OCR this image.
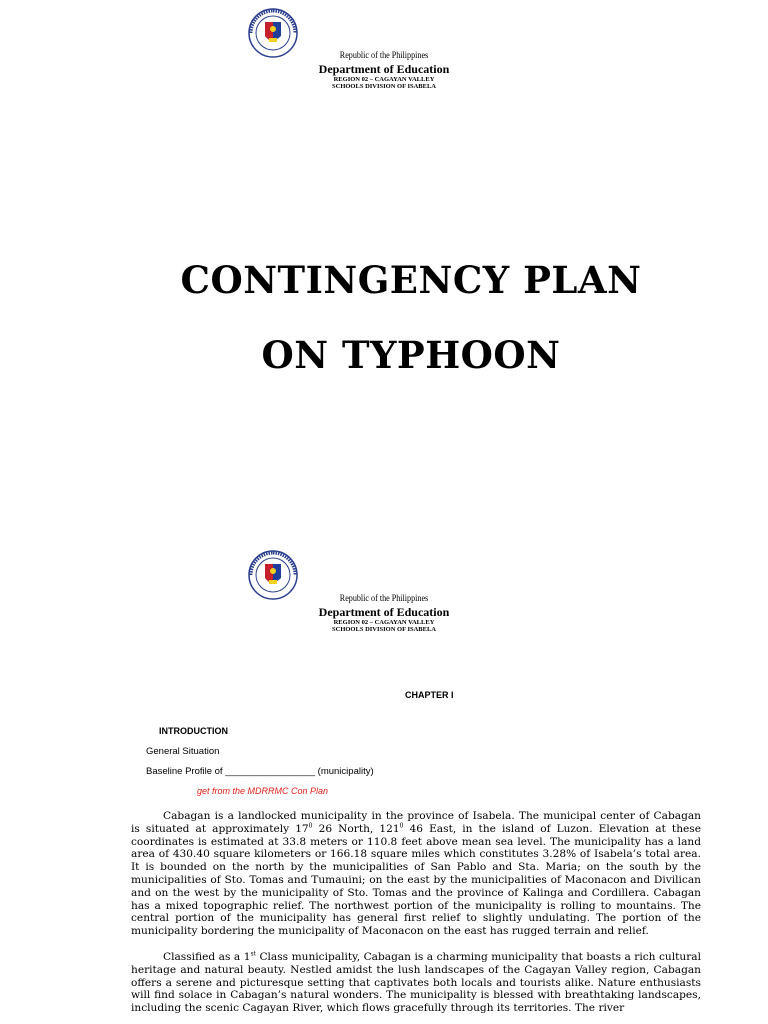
Republic of the Philippines
Department of Education
REGION 02 – CAGAYAN VALLEY
SCHOOLS DIVISION OF ISABELA
CONTINGENCY PLAN
ON TYPHOON
Republic of the Philippines
Department of Education
REGION 02 – CAGAYAN VALLEY
SCHOOLS DIVISION OF ISABELA
CHAPTER I
INTRODUCTION
General Situation
Baseline Profile of _________________ (municipality)
get from the MDRRMC Con Plan
Cabagan is a landlocked municipality in the province of Isabela. The municipal center of Cabagan is situated at approximately $17^0$ 26 North, $121^0$ 46 East, in the island of Luzon. Elevation at these coordinates is estimated at 33.8 meters or 110.8 feet above mean sea level. The municipality has a land area of 430.40 square kilometers or 166.18 square miles which constitutes 3.28% of Isabela’s total area. It is bounded on the north by the municipalities of San Pablo and Sta. Maria; on the south by the municipalities of Sto. Tomas and Tumauini; on the east by the municipalities of Maconacon and Divilican and on the west by the municipality of Sto. Tomas and the province of Kalinga and Cordillera. Cabagan has a mixed topographic relief. The northwest portion of the municipality is rolling to mountains. The central portion of the municipality has general first relief to slightly undulating. The portion of the municipality bordering the municipality of Maconacon on the east has rugged terrain and relief.
Classified as a 1st Class municipality, Cabagan is a charming municipality that boasts a rich cultural heritage and natural beauty. Nestled amidst the lush landscapes of the Cagayan Valley region, Cabagan offers a serene and picturesque setting that captivates both locals and tourists alike. Nature enthusiasts will find solace in Cabagan’s natural wonders. The municipality is blessed with breathtaking landscapes, including the scenic Cagayan River, which flows gracefully through its territories. The river
